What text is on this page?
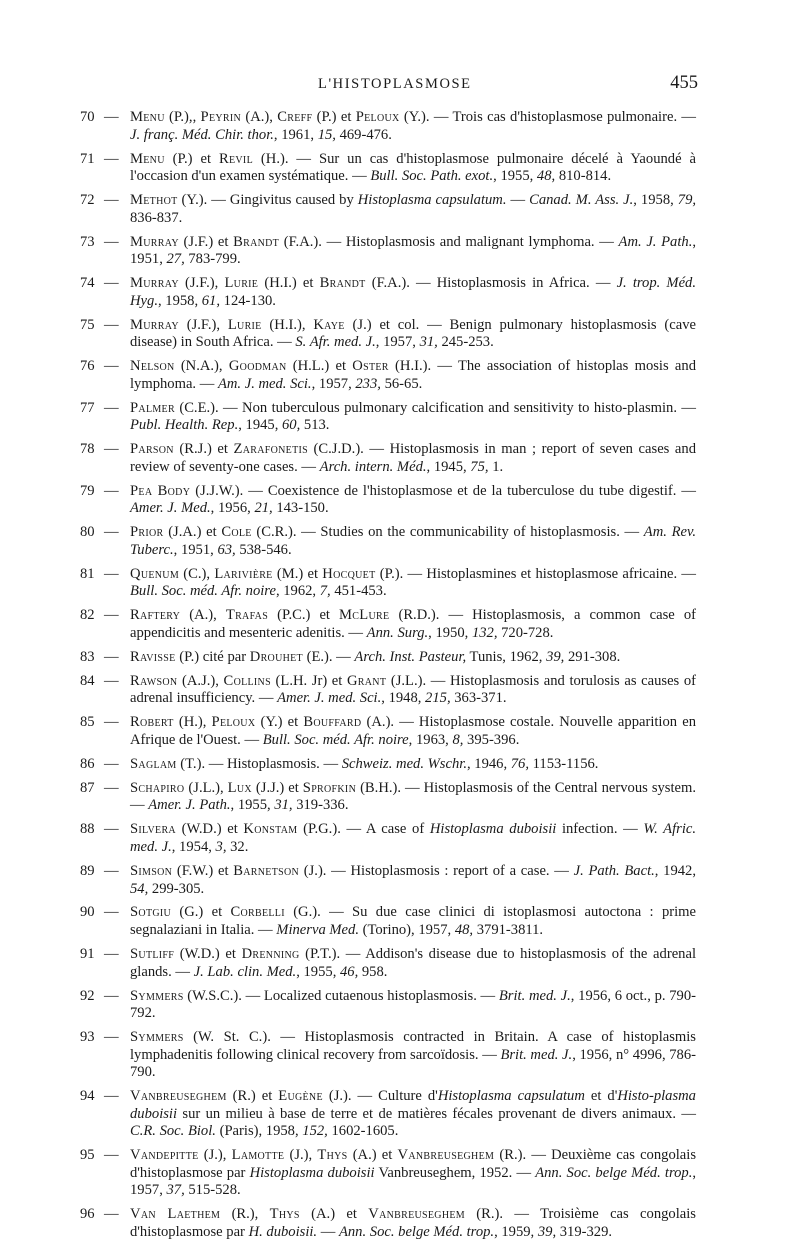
L'HISTOPLASMOSE	455
70 — Menu (P.),, Peyrin (A.), Creff (P.) et Peloux (Y.). — Trois cas d'histoplasmose pulmonaire. — J. franç. Méd. Chir. thor., 1961, 15, 469-476.
71 — Menu (P.) et Revil (H.). — Sur un cas d'histoplasmose pulmonaire décelé à Yaoundé à l'occasion d'un examen systématique. — Bull. Soc. Path. exot., 1955, 48, 810-814.
72 — Methot (Y.). — Gingivitus caused by Histoplasma capsulatum. — Canad. M. Ass. J., 1958, 79, 836-837.
73 — Murray (J.F.) et Brandt (F.A.). — Histoplasmosis and malignant lymphoma. — Am. J. Path., 1951, 27, 783-799.
74 — Murray (J.F.), Lurie (H.I.) et Brandt (F.A.). — Histoplasmosis in Africa. — J. trop. Méd. Hyg., 1958, 61, 124-130.
75 — Murray (J.F.), Lurie (H.I.), Kaye (J.) et col. — Benign pulmonary histoplasmosis (cave disease) in South Africa. — S. Afr. med. J., 1957, 31, 245-253.
76 — Nelson (N.A.), Goodman (H.L.) et Oster (H.I.). — The association of histoplas mosis and lymphoma. — Am. J. med. Sci., 1957, 233, 56-65.
77 — Palmer (C.E.). — Non tuberculous pulmonary calcification and sensitivity to histo-plasmin. — Publ. Health. Rep., 1945, 60, 513.
78 — Parson (R.J.) et Zarafonetis (C.J.D.). — Histoplasmosis in man ; report of seven cases and review of seventy-one cases. — Arch. intern. Méd., 1945, 75, 1.
79 — Pea Body (J.J.W.). — Coexistence de l'histoplasmose et de la tuberculose du tube digestif. — Amer. J. Med., 1956, 21, 143-150.
80 — Prior (J.A.) et Cole (C.R.). — Studies on the communicability of histoplasmosis. — Am. Rev. Tuberc., 1951, 63, 538-546.
81 — Quenum (C.), Larivière (M.) et Hocquet (P.). — Histoplasmines et histoplasmose africaine. — Bull. Soc. méd. Afr. noire, 1962, 7, 451-453.
82 — Raftery (A.), Trafas (P.C.) et McLure (R.D.). — Histoplasmosis, a common case of appendicitis and mesenteric adenitis. — Ann. Surg., 1950, 132, 720-728.
83 — Ravisse (P.) cité par Drouhet (E.). — Arch. Inst. Pasteur, Tunis, 1962, 39, 291-308.
84 — Rawson (A.J.), Collins (L.H. Jr) et Grant (J.L.). — Histoplasmosis and torulosis as causes of adrenal insufficiency. — Amer. J. med. Sci., 1948, 215, 363-371.
85 — Robert (H.), Peloux (Y.) et Bouffard (A.). — Histoplasmose costale. Nouvelle apparition en Afrique de l'Ouest. — Bull. Soc. méd. Afr. noire, 1963, 8, 395-396.
86 — Saglam (T.). — Histoplasmosis. — Schweiz. med. Wschr., 1946, 76, 1153-1156.
87 — Schapiro (J.L.), Lux (J.J.) et Sprofkin (B.H.). — Histoplasmosis of the Central nervous system. — Amer. J. Path., 1955, 31, 319-336.
88 — Silvera (W.D.) et Konstam (P.G.). — A case of Histoplasma duboisii infection. — W. Afric. med. J., 1954, 3, 32.
89 — Simson (F.W.) et Barnetson (J.). — Histoplasmosis : report of a case. — J. Path. Bact., 1942, 54, 299-305.
90 — Sotgiu (G.) et Corbelli (G.). — Su due case clinici di istoplasmosi autoctona : prime segnalaziani in Italia. — Minerva Med. (Torino), 1957, 48, 3791-3811.
91 — Sutliff (W.D.) et Drenning (P.T.). — Addison's disease due to histoplasmosis of the adrenal glands. — J. Lab. clin. Med., 1955, 46, 958.
92 — Symmers (W.S.C.). — Localized cutaenous histoplasmosis. — Brit. med. J., 1956, 6 oct., p. 790-792.
93 — Symmers (W. St. C.). — Histoplasmosis contracted in Britain. A case of histoplasmis lymphadenitis following clinical recovery from sarcoïdosis. — Brit. med. J., 1956, n° 4996, 786-790.
94 — Vanbreuseghem (R.) et Eugène (J.). — Culture d'Histoplasma capsulatum et d'Histo-plasma duboisii sur un milieu à base de terre et de matières fécales provenant de divers animaux. — C.R. Soc. Biol. (Paris), 1958, 152, 1602-1605.
95 — Vandepitte (J.), Lamotte (J.), Thys (A.) et Vanbreuseghem (R.). — Deuxième cas congolais d'histoplasmose par Histoplasma duboisii Vanbreuseghem, 1952. — Ann. Soc. belge Méd. trop., 1957, 37, 515-528.
96 — Van Laethem (R.), Thys (A.) et Vanbreuseghem (R.). — Troisième cas congolais d'histoplasmose par H. duboisii. — Ann. Soc. belge Méd. trop., 1959, 39, 319-329.
